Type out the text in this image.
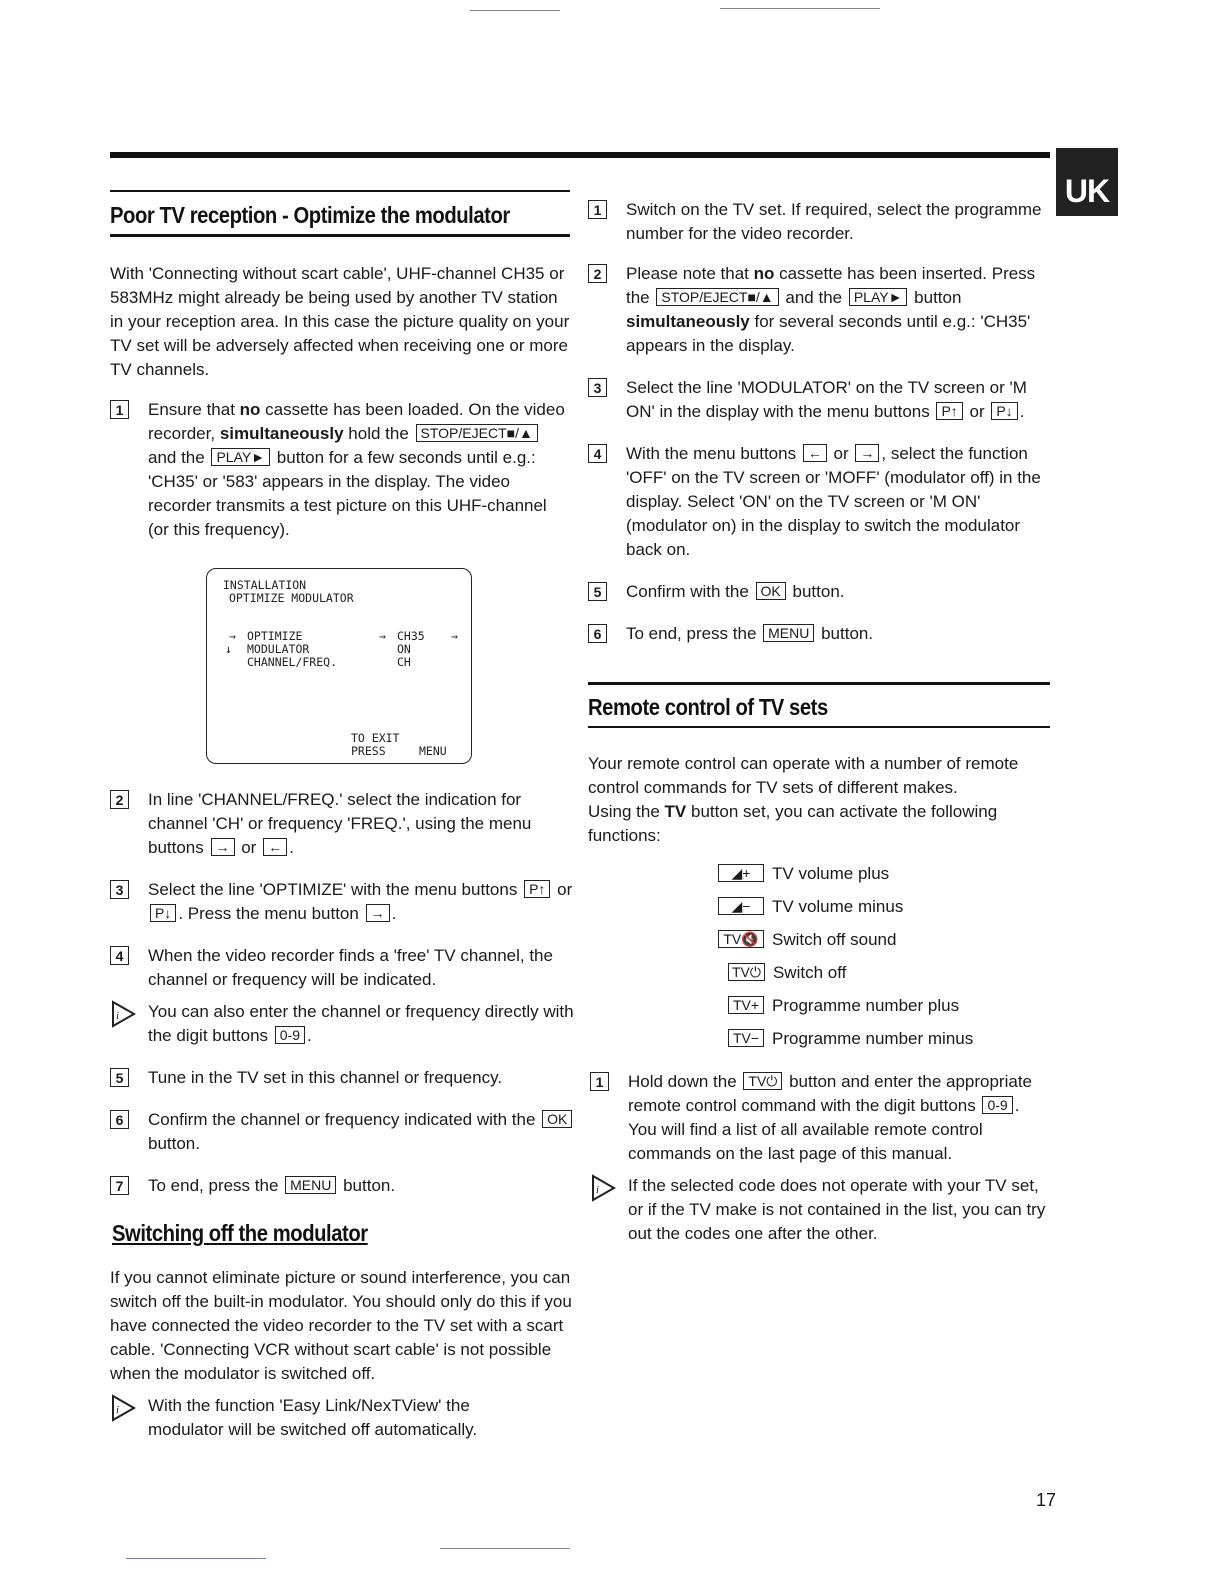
UK
Poor TV reception - Optimize the modulator
With 'Connecting without scart cable', UHF-channel CH35 or 583MHz might already be being used by another TV station in your reception area. In this case the picture quality on your TV set will be adversely affected when receiving one or more TV channels.
1	Ensure that no cassette has been loaded. On the video recorder, simultaneously hold the STOP/EJECT■/▲ and the PLAY► button for a few seconds until e.g.: 'CH35' or '583' appears in the display. The video recorder transmits a test picture on this UHF-channel (or this frequency).
INSTALLATION
OPTIMIZE MODULATOR
→ OPTIMIZE	→ CH35 →
↓ MODULATOR	ON
CHANNEL/FREQ.	CH
TO EXIT
PRESS	MENU
2	In line 'CHANNEL/FREQ.' select the indication for channel 'CH' or frequency 'FREQ.', using the menu buttons → or ← .
3	Select the line 'OPTIMIZE' with the menu buttons P↑ or P↓ . Press the menu button → .
4	When the video recorder finds a 'free' TV channel, the channel or frequency will be indicated.
i You can also enter the channel or frequency directly with the digit buttons 0-9 .
5	Tune in the TV set in this channel or frequency.
6	Confirm the channel or frequency indicated with the OK button.
7	To end, press the MENU button.
Switching off the modulator
If you cannot eliminate picture or sound interference, you can switch off the built-in modulator. You should only do this if you have connected the video recorder to the TV set with a scart cable. 'Connecting VCR without scart cable' is not possible when the modulator is switched off.
i With the function 'Easy Link/NexTView' the modulator will be switched off automatically.
1	Switch on the TV set. If required, select the programme number for the video recorder.
2	Please note that no cassette has been inserted. Press the STOP/EJECT■/▲ and the PLAY► button simultaneously for several seconds until e.g.: 'CH35' appears in the display.
3	Select the line 'MODULATOR' on the TV screen or 'M ON' in the display with the menu buttons P↑ or P↓ .
4	With the menu buttons ← or → , select the function 'OFF' on the TV screen or 'MOFF' (modulator off) in the display. Select 'ON' on the TV screen or 'M ON' (modulator on) in the display to switch the modulator back on.
5	Confirm with the OK button.
6	To end, press the MENU button.
Remote control of TV sets
Your remote control can operate with a number of remote control commands for TV sets of different makes.
Using the TV button set, you can activate the following functions:
◢+ TV volume plus
◢− TV volume minus
TV🔇 Switch off sound
TV⏻ Switch off
TV+ Programme number plus
TV− Programme number minus
1	Hold down the TV⏻ button and enter the appropriate remote control command with the digit buttons 0-9 . You will find a list of all available remote control commands on the last page of this manual.
i If the selected code does not operate with your TV set, or if the TV make is not contained in the list, you can try out the codes one after the other.
17
